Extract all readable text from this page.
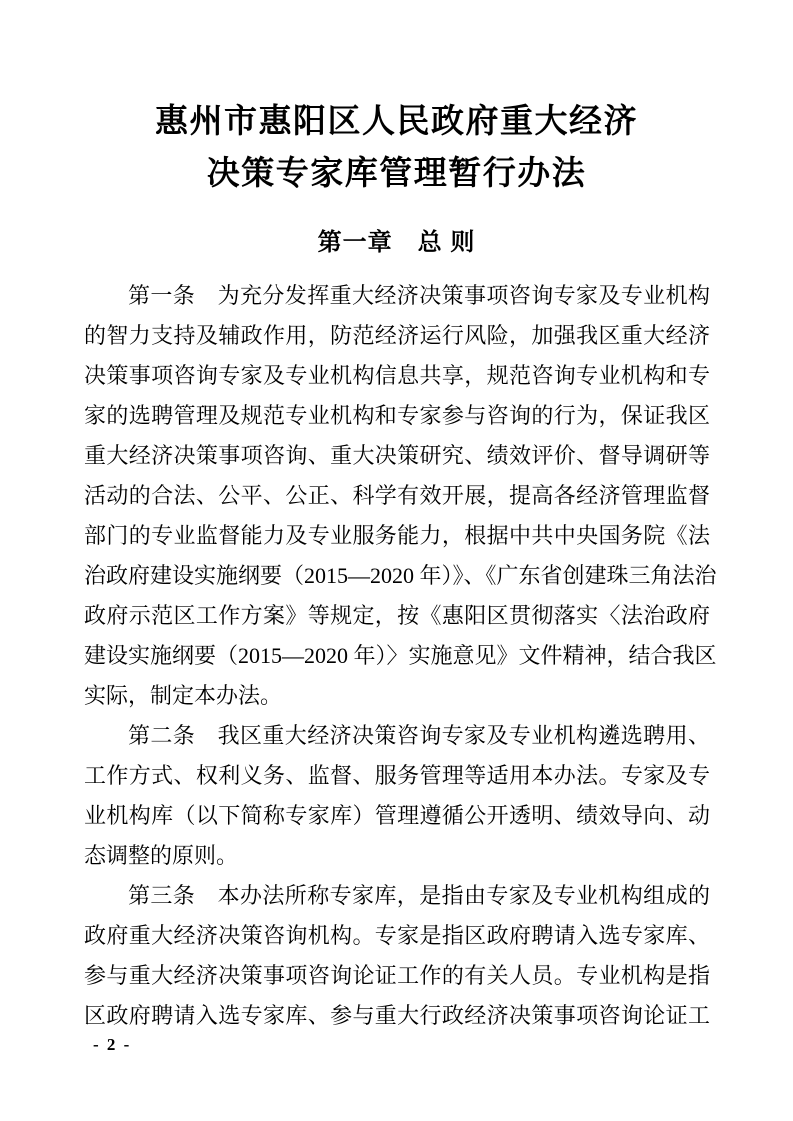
惠州市惠阳区人民政府重大经济
决策专家库管理暂行办法
第一章　总 则
第一条　为充分发挥重大经济决策事项咨询专家及专业机构
的智力支持及辅政作用，防范经济运行风险，加强我区重大经济
决策事项咨询专家及专业机构信息共享，规范咨询专业机构和专
家的选聘管理及规范专业机构和专家参与咨询的行为，保证我区
重大经济决策事项咨询、重大决策研究、绩效评价、督导调研等
活动的合法、公平、公正、科学有效开展，提高各经济管理监督
部门的专业监督能力及专业服务能力，根据中共中央国务院《法
治政府建设实施纲要（2015—2020 年）》、《广东省创建珠三角法治
政府示范区工作方案》等规定，按《惠阳区贯彻落实〈法治政府
建设实施纲要（2015—2020 年）〉实施意见》文件精神，结合我区
实际，制定本办法。
第二条　我区重大经济决策咨询专家及专业机构遴选聘用、
工作方式、权利义务、监督、服务管理等适用本办法。专家及专
业机构库（以下简称专家库）管理遵循公开透明、绩效导向、动
态调整的原则。
第三条　本办法所称专家库，是指由专家及专业机构组成的
政府重大经济决策咨询机构。专家是指区政府聘请入选专家库、
参与重大经济决策事项咨询论证工作的有关人员。专业机构是指
区政府聘请入选专家库、参与重大行政经济决策事项咨询论证工
- 2 -
